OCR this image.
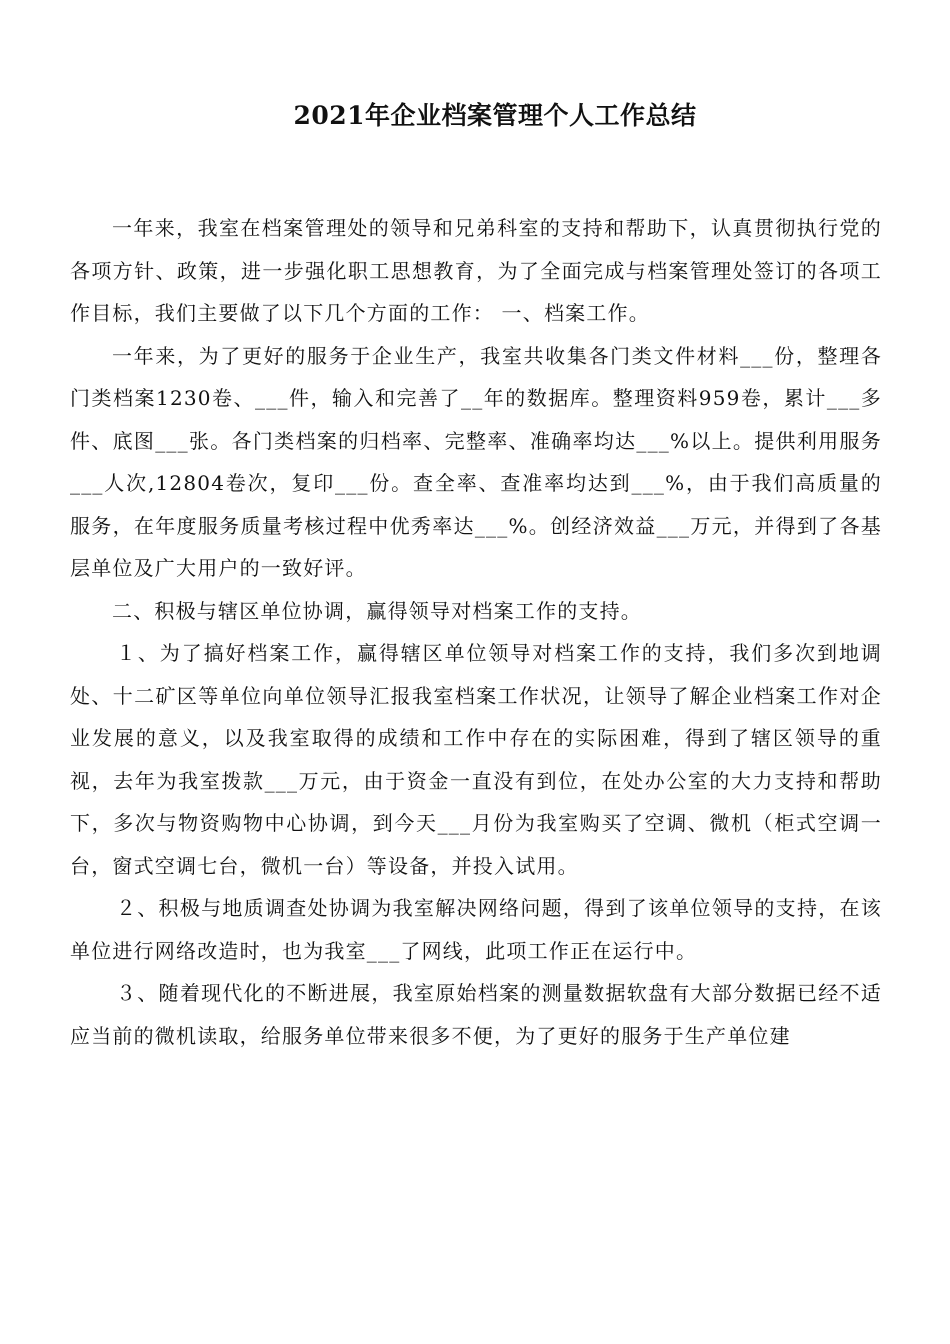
2021年企业档案管理个人工作总结

一年来，我室在档案管理处的领导和兄弟科室的支持和帮助下，认真贯彻执行党的各项方针、政策，进一步强化职工思想教育，为了全面完成与档案管理处签订的各项工作目标，我们主要做了以下几个方面的工作： 一、档案工作。

一年来，为了更好的服务于企业生产，我室共收集各门类文件材料___份，整理各门类档案1230卷、___件，输入和完善了__年的数据库。整理资料959卷，累计___多件、底图___张。各门类档案的归档率、完整率、准确率均达___%以上。提供利用服务___人次,12804卷次，复印___份。查全率、查准率均达到___%，由于我们高质量的服务，在年度服务质量考核过程中优秀率达___%。创经济效益___万元，并得到了各基层单位及广大用户的一致好评。

二、积极与辖区单位协调，赢得领导对档案工作的支持。

１、为了搞好档案工作，赢得辖区单位领导对档案工作的支持，我们多次到地调处、十二矿区等单位向单位领导汇报我室档案工作状况，让领导了解企业档案工作对企业发展的意义，以及我室取得的成绩和工作中存在的实际困难，得到了辖区领导的重视，去年为我室拨款___万元，由于资金一直没有到位，在处办公室的大力支持和帮助下，多次与物资购物中心协调，到今天___月份为我室购买了空调、微机（柜式空调一台，窗式空调七台，微机一台）等设备，并投入试用。

２、积极与地质调查处协调为我室解决网络问题，得到了该单位领导的支持，在该单位进行网络改造时，也为我室___了网线，此项工作正在运行中。

３、随着现代化的不断进展，我室原始档案的测量数据软盘有大部分数据已经不适应当前的微机读取，给服务单位带来很多不便，为了更好的服务于生产单位建
